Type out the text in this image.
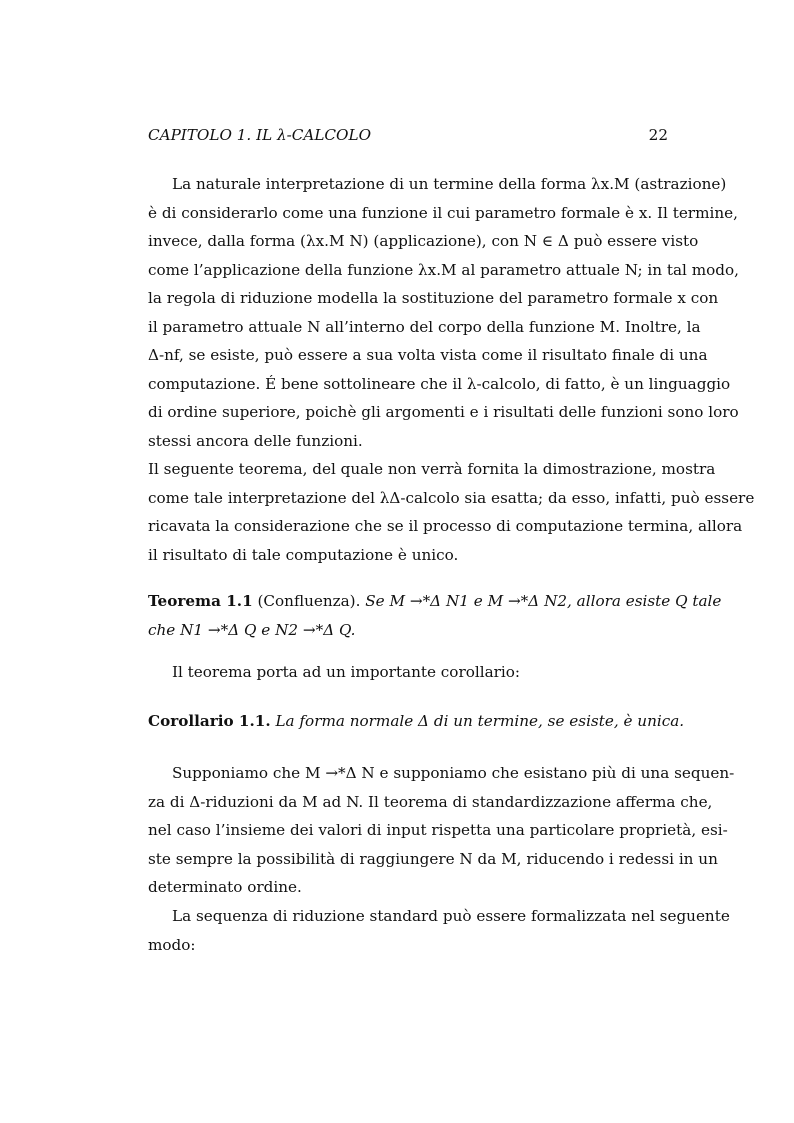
CAPITOLO 1. IL λ-CALCOLO	22
La naturale interpretazione di un termine della forma λx.M (astrazione)
è di considerarlo come una funzione il cui parametro formale è x. Il termine,
invece, dalla forma (λx.M N) (applicazione), con N ∈ Δ può essere visto
come l’applicazione della funzione λx.M al parametro attuale N; in tal modo,
la regola di riduzione modella la sostituzione del parametro formale x con
il parametro attuale N all’interno del corpo della funzione M. Inoltre, la
Δ-nf, se esiste, può essere a sua volta vista come il risultato finale di una
computazione. É bene sottolineare che il λ-calcolo, di fatto, è un linguaggio
di ordine superiore, poichè gli argomenti e i risultati delle funzioni sono loro
stessi ancora delle funzioni.
Il seguente teorema, del quale non verrà fornita la dimostrazione, mostra
come tale interpretazione del λΔ-calcolo sia esatta; da esso, infatti, può essere
ricavata la considerazione che se il processo di computazione termina, allora
il risultato di tale computazione è unico.
Teorema 1.1 (Confluenza). Se M →*Δ N1 e M →*Δ N2, allora esiste Q tale
che N1 →*Δ Q e N2 →*Δ Q.
Il teorema porta ad un importante corollario:
Corollario 1.1. La forma normale Δ di un termine, se esiste, è unica.
Supponiamo che M →*Δ N e supponiamo che esistano più di una sequen-
za di Δ-riduzioni da M ad N. Il teorema di standardizzazione afferma che,
nel caso l’insieme dei valori di input rispetta una particolare proprietà, esi-
ste sempre la possibilità di raggiungere N da M, riducendo i redessi in un
determinato ordine.
La sequenza di riduzione standard può essere formalizzata nel seguente
modo:
